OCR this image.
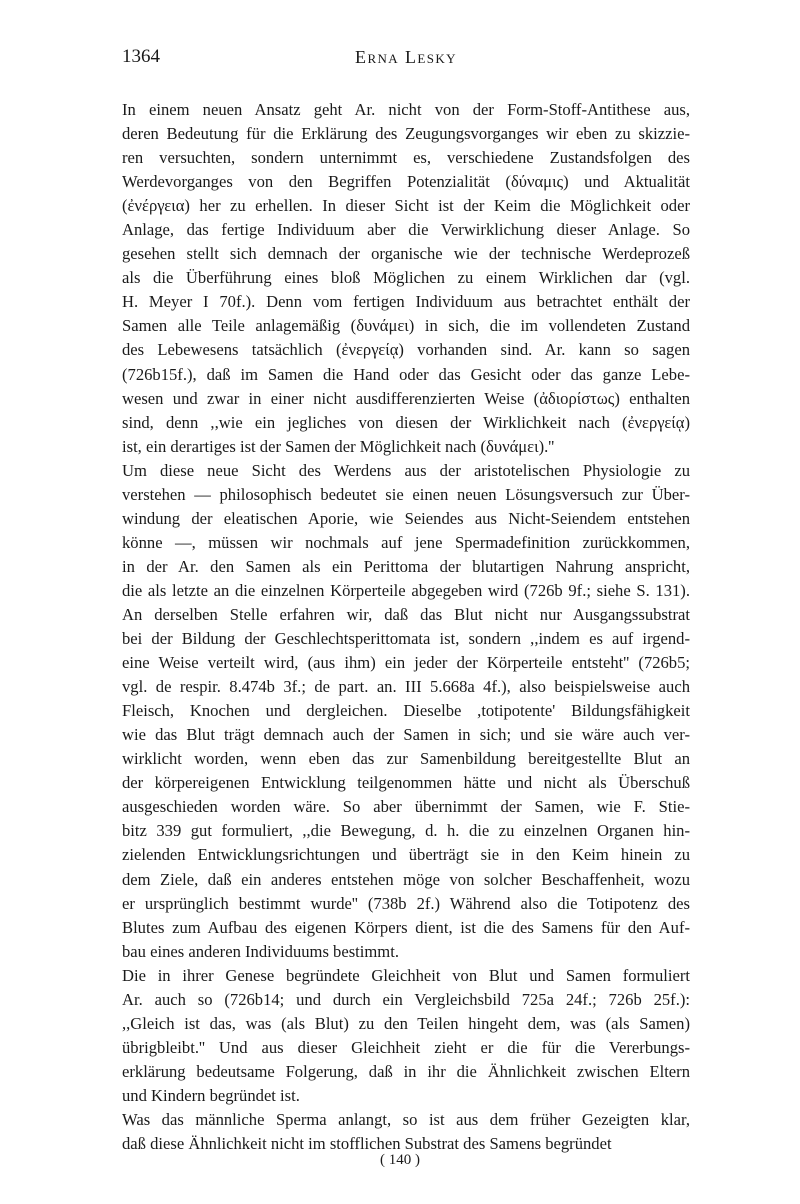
1364	Erna Lesky
In einem neuen Ansatz geht Ar. nicht von der Form-Stoff-Antithese aus,
deren Bedeutung für die Erklärung des Zeugungsvorganges wir eben zu skizzie-
ren versuchten, sondern unternimmt es, verschiedene Zustandsfolgen des
Werdevorganges von den Begriffen Potenzialität (δύναμις) und Aktualität
(ἐνέργεια) her zu erhellen. In dieser Sicht ist der Keim die Möglichkeit oder
Anlage, das fertige Individuum aber die Verwirklichung dieser Anlage. So
gesehen stellt sich demnach der organische wie der technische Werdeprozeß
als die Überführung eines bloß Möglichen zu einem Wirklichen dar (vgl.
H. Meyer I 70f.). Denn vom fertigen Individuum aus betrachtet enthält der
Samen alle Teile anlagemäßig (δυνάμει) in sich, die im vollendeten Zustand
des Lebewesens tatsächlich (ἐνεργείᾳ) vorhanden sind. Ar. kann so sagen
(726b15f.), daß im Samen die Hand oder das Gesicht oder das ganze Lebe-
wesen und zwar in einer nicht ausdifferenzierten Weise (ἀδιορίστως) enthalten
sind, denn ,,wie ein jegliches von diesen der Wirklichkeit nach (ἐνεργείᾳ)
ist, ein derartiges ist der Samen der Möglichkeit nach (δυνάμει).''
Um diese neue Sicht des Werdens aus der aristotelischen Physiologie zu
verstehen — philosophisch bedeutet sie einen neuen Lösungsversuch zur Über-
windung der eleatischen Aporie, wie Seiendes aus Nicht-Seiendem entstehen
könne —, müssen wir nochmals auf jene Spermadefinition zurückkommen,
in der Ar. den Samen als ein Perittoma der blutartigen Nahrung anspricht,
die als letzte an die einzelnen Körperteile abgegeben wird (726b 9f.; siehe S. 131).
An derselben Stelle erfahren wir, daß das Blut nicht nur Ausgangssubstrat
bei der Bildung der Geschlechtsperittomata ist, sondern ,,indem es auf irgend-
eine Weise verteilt wird, (aus ihm) ein jeder der Körperteile entsteht'' (726b5;
vgl. de respir. 8.474b 3f.; de part. an. III 5.668a 4f.), also beispielsweise auch
Fleisch, Knochen und dergleichen. Dieselbe ,totipotente' Bildungsfähigkeit
wie das Blut trägt demnach auch der Samen in sich; und sie wäre auch ver-
wirklicht worden, wenn eben das zur Samenbildung bereitgestellte Blut an
der körpereigenen Entwicklung teilgenommen hätte und nicht als Überschuß
ausgeschieden worden wäre. So aber übernimmt der Samen, wie F. Stie-
bitz 339 gut formuliert, ,,die Bewegung, d. h. die zu einzelnen Organen hin-
zielenden Entwicklungsrichtungen und überträgt sie in den Keim hinein zu
dem Ziele, daß ein anderes entstehen möge von solcher Beschaffenheit, wozu
er ursprünglich bestimmt wurde'' (738b 2f.) Während also die Totipotenz des
Blutes zum Aufbau des eigenen Körpers dient, ist die des Samens für den Auf-
bau eines anderen Individuums bestimmt.
Die in ihrer Genese begründete Gleichheit von Blut und Samen formuliert
Ar. auch so (726b14; und durch ein Vergleichsbild 725a 24f.; 726b 25f.):
,,Gleich ist das, was (als Blut) zu den Teilen hingeht dem, was (als Samen)
übrigbleibt.'' Und aus dieser Gleichheit zieht er die für die Vererbungs-
erklärung bedeutsame Folgerung, daß in ihr die Ähnlichkeit zwischen Eltern
und Kindern begründet ist.
Was das männliche Sperma anlangt, so ist aus dem früher Gezeigten klar,
daß diese Ähnlichkeit nicht im stofflichen Substrat des Samens begründet
( 140 )
